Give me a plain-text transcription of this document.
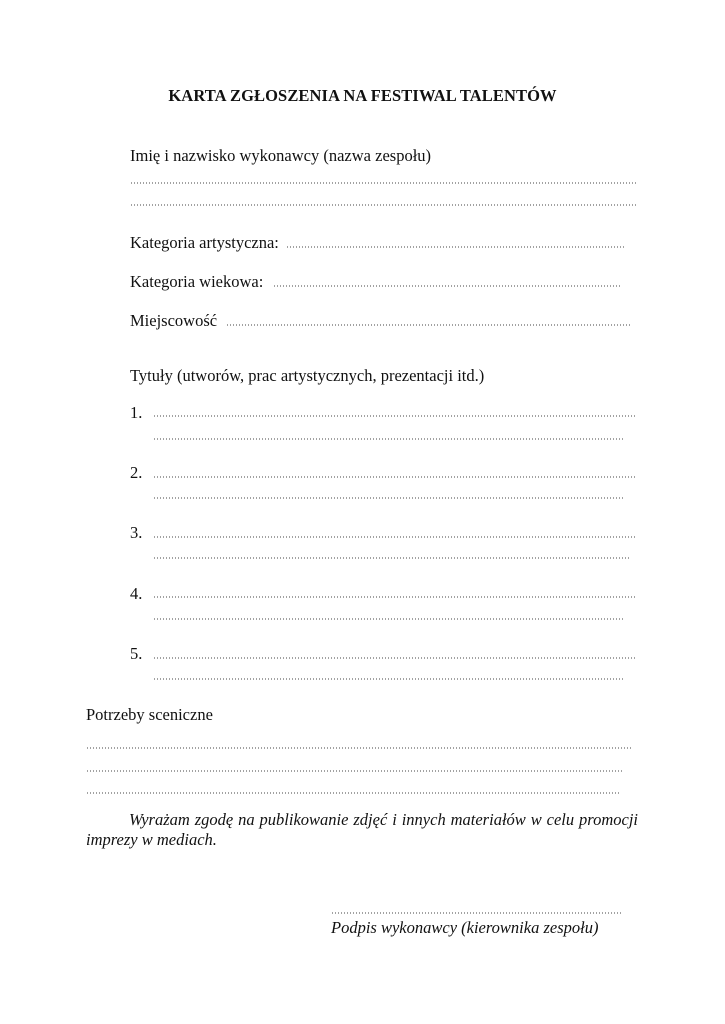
KARTA ZGŁOSZENIA NA FESTIWAL TALENTÓW
Imię i nazwisko wykonawcy (nazwa zespołu)
Kategoria artystyczna:
Kategoria wiekowa:
Miejscowość
Tytuły (utworów, prac artystycznych, prezentacji itd.)
1.
2.
3.
4.
5.
Potrzeby sceniczne

Wyrażam zgodę na publikowanie zdjęć i innych materiałów w celu promocji imprezy w mediach.

Podpis wykonawcy (kierownika zespołu)
